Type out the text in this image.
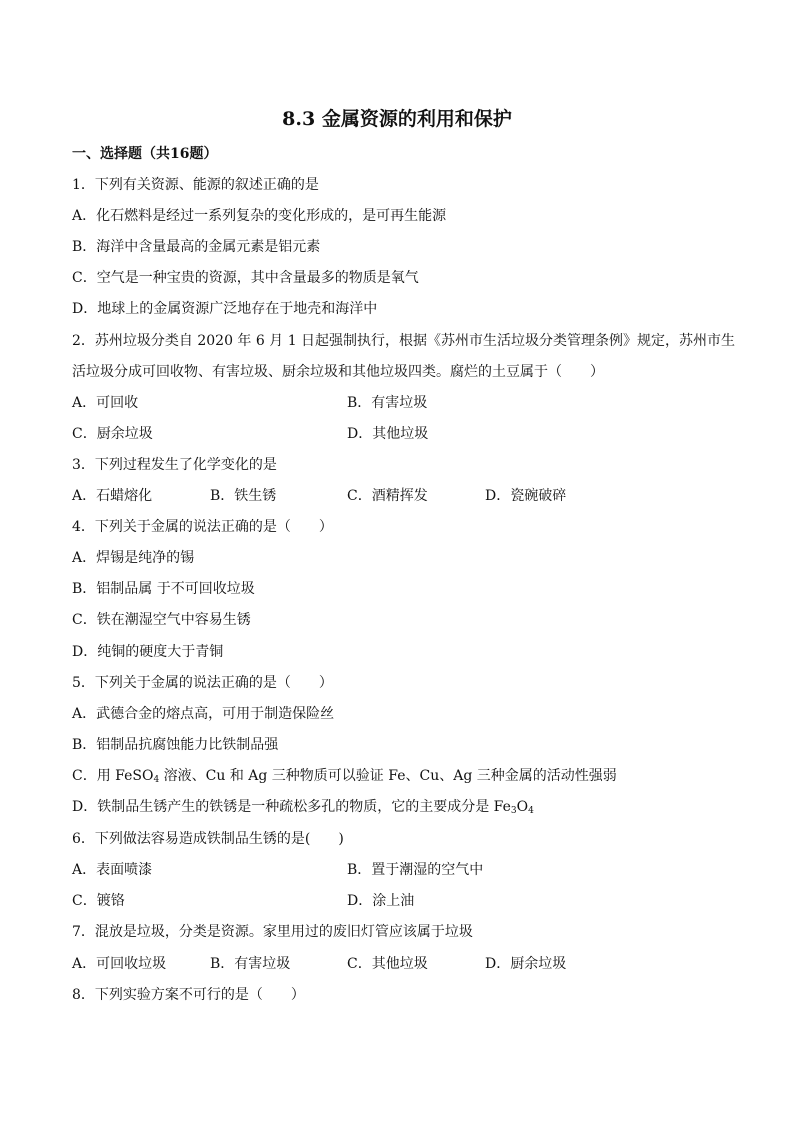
8.3 金属资源的利用和保护
一、选择题（共16题）
1．下列有关资源、能源的叙述正确的是
A．化石燃料是经过一系列复杂的变化形成的，是可再生能源
B．海洋中含量最高的金属元素是铝元素
C．空气是一种宝贵的资源，其中含量最多的物质是氧气
D．地球上的金属资源广泛地存在于地壳和海洋中
2．苏州垃圾分类自 2020 年 6 月 1 日起强制执行，根据《苏州市生活垃圾分类管理条例》规定，苏州市生
活垃圾分成可回收物、有害垃圾、厨余垃圾和其他垃圾四类。腐烂的土豆属于（　　）
A．可回收	B．有害垃圾
C．厨余垃圾	D．其他垃圾
3．下列过程发生了化学变化的是
A．石蜡熔化	B．铁生锈	C．酒精挥发	D．瓷碗破碎
4．下列关于金属的说法正确的是（　　）
A．焊锡是纯净的锡
B．铝制品属 于不可回收垃圾
C．铁在潮湿空气中容易生锈
D．纯铜的硬度大于青铜
5．下列关于金属的说法正确的是（　　）
A．武德合金的熔点高，可用于制造保险丝
B．铝制品抗腐蚀能力比铁制品强
C．用 FeSO$_4$ 溶液、Cu 和 Ag 三种物质可以验证 Fe、Cu、Ag 三种金属的活动性强弱
D．铁制品生锈产生的铁锈是一种疏松多孔的物质，它的主要成分是 $Fe_3O_4$
6．下列做法容易造成铁制品生锈的是(　　)
A．表面喷漆	B．置于潮湿的空气中
C．镀铬	D．涂上油
7．混放是垃圾，分类是资源。家里用过的废旧灯管应该属于垃圾
A．可回收垃圾	B．有害垃圾	C．其他垃圾	D．厨余垃圾
8．下列实验方案不可行的是（　　）
